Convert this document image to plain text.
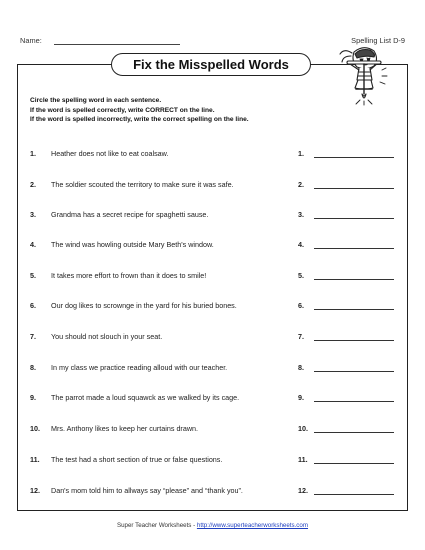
Name:	Spelling List D-9
Fix the Misspelled Words
Circle the spelling word in each sentence.
If the word is spelled correctly, write CORRECT on the line.
If the word is spelled incorrectly, write the correct spelling on the line.
1. Heather does not like to eat coalsaw.	1.
2. The soldier scouted the territory to make sure it was safe.	2.
3. Grandma has a secret recipe for spaghetti sause.	3.
4. The wind was howling outside Mary Beth's window.	4.
5. It takes more effort to frown than it does to smile!	5.
6. Our dog likes to scrownge in the yard for his buried bones.	6.
7. You should not slouch in your seat.	7.
8. In my class we practice reading alloud with our teacher.	8.
9. The parrot made a loud squawck as we walked by its cage.	9.
10. Mrs. Anthony likes to keep her curtains drawn.	10.
11. The test had a short section of true or false questions.	11.
12. Dan's mom told him to allways say “please” and “thank you”.	12.
Super Teacher Worksheets - http://www.superteacherworksheets.com
